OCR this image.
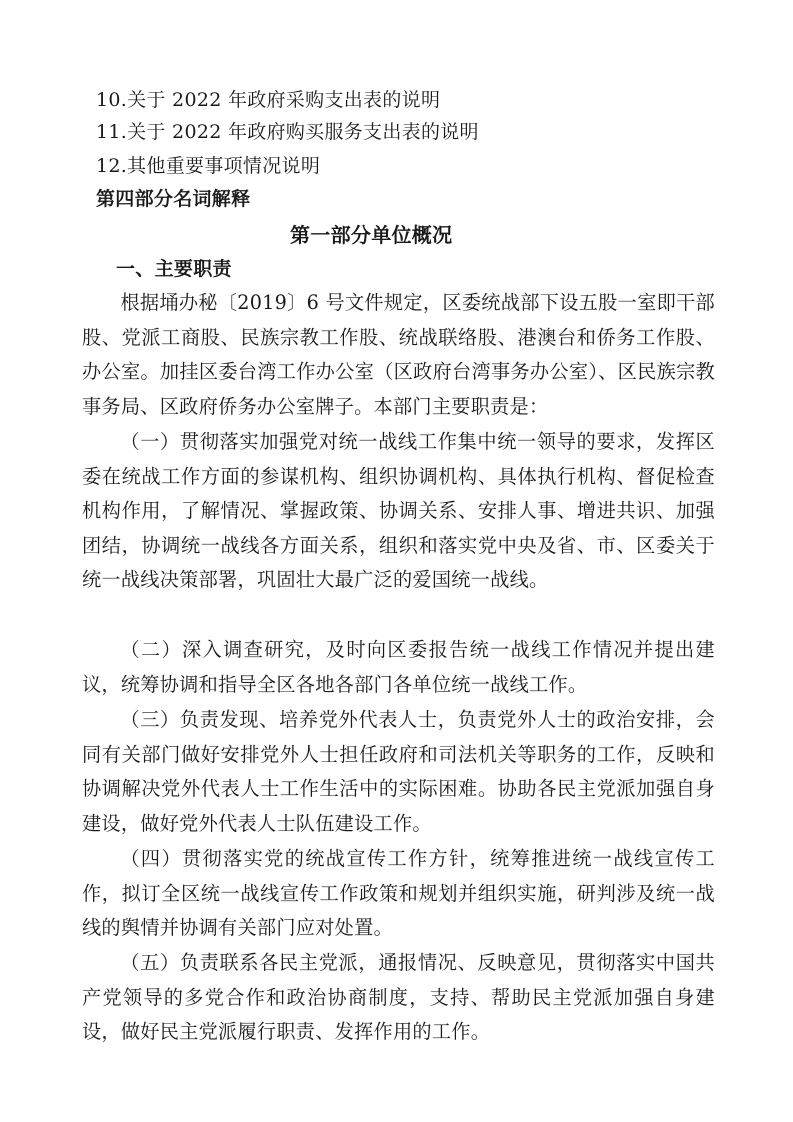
10.关于 2022 年政府采购支出表的说明
11.关于 2022 年政府购买服务支出表的说明
12.其他重要事项情况说明
第四部分名词解释
第一部分单位概况
一、主要职责
根据埇办秘〔2019〕6 号文件规定，区委统战部下设五股一室即干部股、党派工商股、民族宗教工作股、统战联络股、港澳台和侨务工作股、办公室。加挂区委台湾工作办公室（区政府台湾事务办公室）、区民族宗教事务局、区政府侨务办公室牌子。本部门主要职责是：
（一）贯彻落实加强党对统一战线工作集中统一领导的要求，发挥区委在统战工作方面的参谋机构、组织协调机构、具体执行机构、督促检查机构作用，了解情况、掌握政策、协调关系、安排人事、增进共识、加强团结，协调统一战线各方面关系，组织和落实党中央及省、市、区委关于统一战线决策部署，巩固壮大最广泛的爱国统一战线。
（二）深入调查研究，及时向区委报告统一战线工作情况并提出建议，统筹协调和指导全区各地各部门各单位统一战线工作。
（三）负责发现、培养党外代表人士，负责党外人士的政治安排，会同有关部门做好安排党外人士担任政府和司法机关等职务的工作，反映和协调解决党外代表人士工作生活中的实际困难。协助各民主党派加强自身建设，做好党外代表人士队伍建设工作。
（四）贯彻落实党的统战宣传工作方针，统筹推进统一战线宣传工作，拟订全区统一战线宣传工作政策和规划并组织实施，研判涉及统一战线的舆情并协调有关部门应对处置。
（五）负责联系各民主党派，通报情况、反映意见，贯彻落实中国共产党领导的多党合作和政治协商制度，支持、帮助民主党派加强自身建设，做好民主党派履行职责、发挥作用的工作。
